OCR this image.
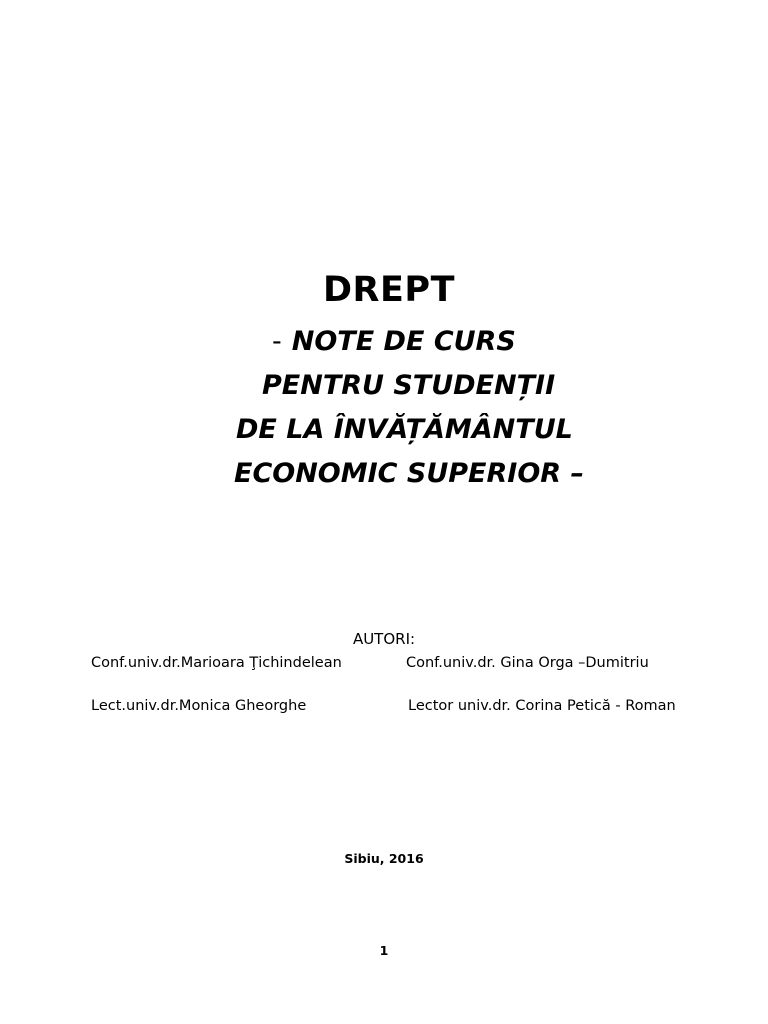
DREPT
- NOTE DE CURS
PENTRU STUDENȚII
DE LA ÎNVĂȚĂMÂNTUL
ECONOMIC SUPERIOR –
AUTORI:
Conf.univ.dr.Marioara Ţichindelean	Conf.univ.dr. Gina Orga –Dumitriu
Lect.univ.dr.Monica Gheorghe	Lector univ.dr. Corina Petică - Roman
Sibiu, 2016
1
